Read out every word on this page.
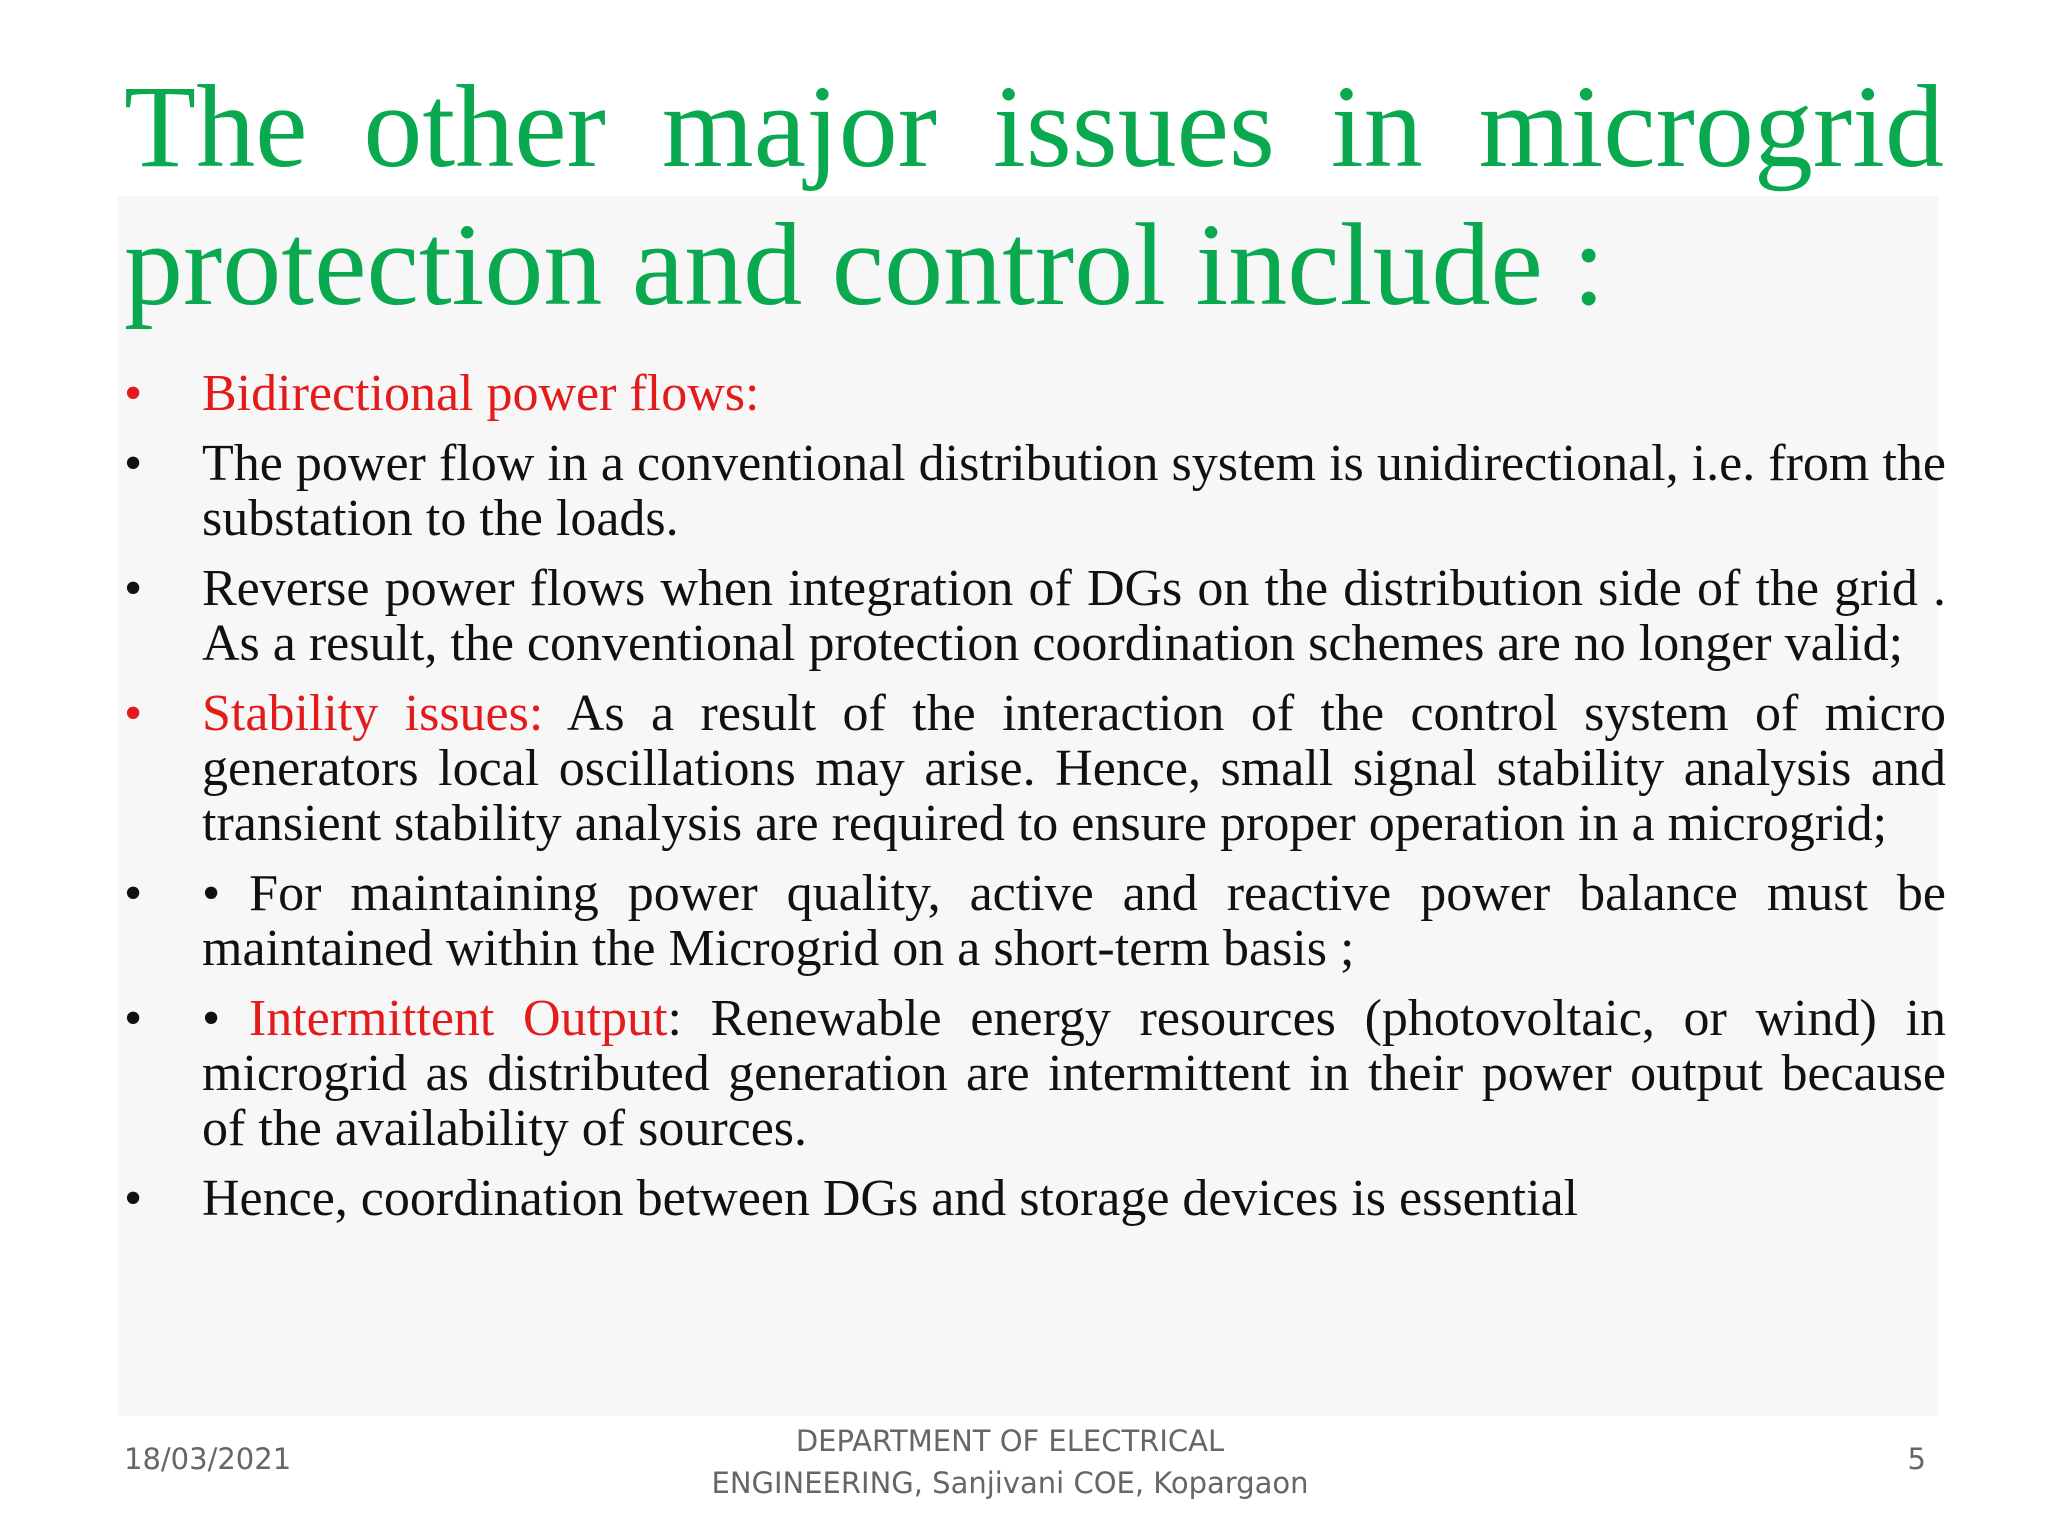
The other major issues in microgrid
protection and control include :
•	Bidirectional power flows:
•	The power flow in a conventional distribution system is unidirectional, i.e. from the substation to the loads.
•	Reverse power flows when integration of DGs on the distribution side of the grid . As a result, the conventional protection coordination schemes are no longer valid;
•	Stability issues: As a result of the interaction of the control system of micro generators local oscillations may arise. Hence, small signal stability analysis and transient stability analysis are required to ensure proper operation in a microgrid;
•	• For maintaining power quality, active and reactive power balance must be maintained within the Microgrid on a short-term basis ;
•	• Intermittent Output: Renewable energy resources (photovoltaic, or wind) in microgrid as distributed generation are intermittent in their power output because of the availability of sources.
•	Hence, coordination between DGs and storage devices is essential
18/03/2021
DEPARTMENT OF ELECTRICAL
ENGINEERING, Sanjivani COE, Kopargaon
5
